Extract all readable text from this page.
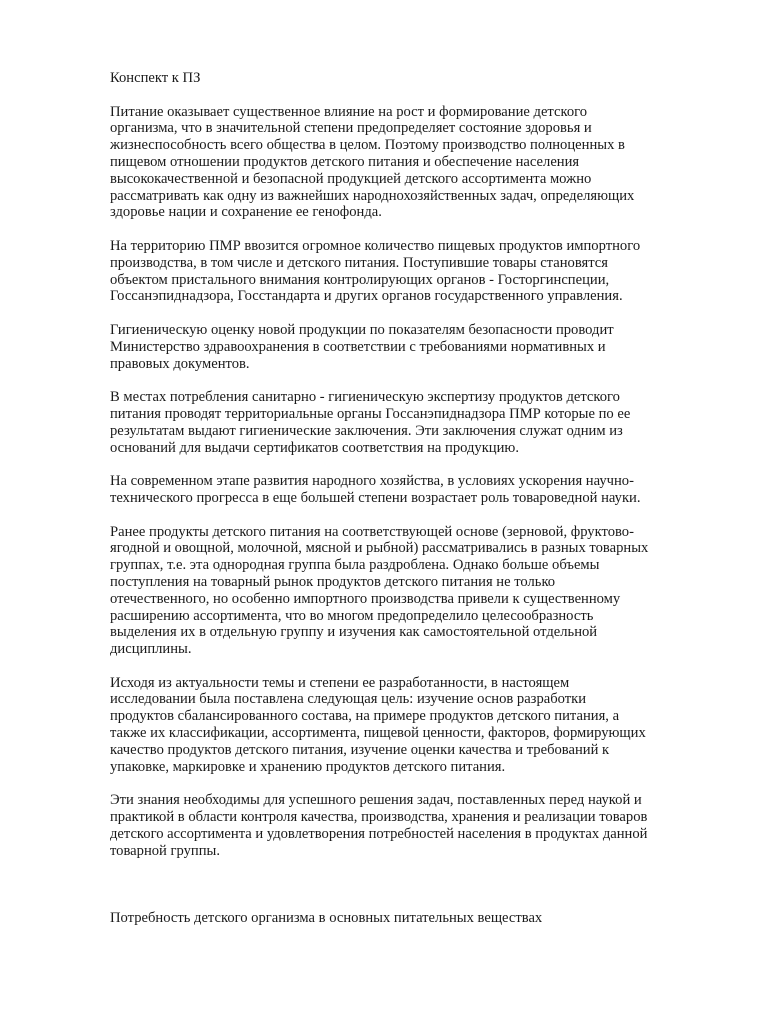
Конспект к ПЗ

Питание оказывает существенное влияние на рост и формирование детского
организма, что в значительной степени предопределяет состояние здоровья и
жизнеспособность всего общества в целом. Поэтому производство полноценных в
пищевом отношении продуктов детского питания и обеспечение населения
высококачественной и безопасной продукцией детского ассортимента можно
рассматривать как одну из важнейших народнохозяйственных задач, определяющих
здоровье нации и сохранение ее генофонда.

На территорию ПМР ввозится огромное количество пищевых продуктов импортного
производства, в том числе и детского питания. Поступившие товары становятся
объектом пристального внимания контролирующих органов - Госторгинспеции,
Госсанэпиднадзора, Госстандарта и других органов государственного управления.

Гигиеническую оценку новой продукции по показателям безопасности проводит
Министерство здравоохранения в соответствии с требованиями нормативных и
правовых документов.

В местах потребления санитарно - гигиеническую экспертизу продуктов детского
питания проводят территориальные органы Госсанэпиднадзора ПМР которые по ее
результатам выдают гигиенические заключения. Эти заключения служат одним из
оснований для выдачи сертификатов соответствия на продукцию.

На современном этапе развития народного хозяйства, в условиях ускорения научно-
технического прогресса в еще большей степени возрастает роль товароведной науки.

Ранее продукты детского питания на соответствующей основе (зерновой, фруктово-
ягодной и овощной, молочной, мясной и рыбной) рассматривались в разных товарных
группах, т.е. эта однородная группа была раздроблена. Однако больше объемы
поступления на товарный рынок продуктов детского питания не только
отечественного, но особенно импортного производства привели к существенному
расширению ассортимента, что во многом предопределило целесообразность
выделения их в отдельную группу и изучения как самостоятельной отдельной
дисциплины.

Исходя из актуальности темы и степени ее разработанности, в настоящем
исследовании была поставлена следующая цель: изучение основ разработки
продуктов сбалансированного состава, на примере продуктов детского питания, а
также их классификации, ассортимента, пищевой ценности, факторов, формирующих
качество продуктов детского питания, изучение оценки качества и требований к
упаковке, маркировке и хранению продуктов детского питания.

Эти знания необходимы для успешного решения задач, поставленных перед наукой и
практикой в области контроля качества, производства, хранения и реализации товаров
детского ассортимента и удовлетворения потребностей населения в продуктах данной
товарной группы.

Потребность детского организма в основных питательных веществах
